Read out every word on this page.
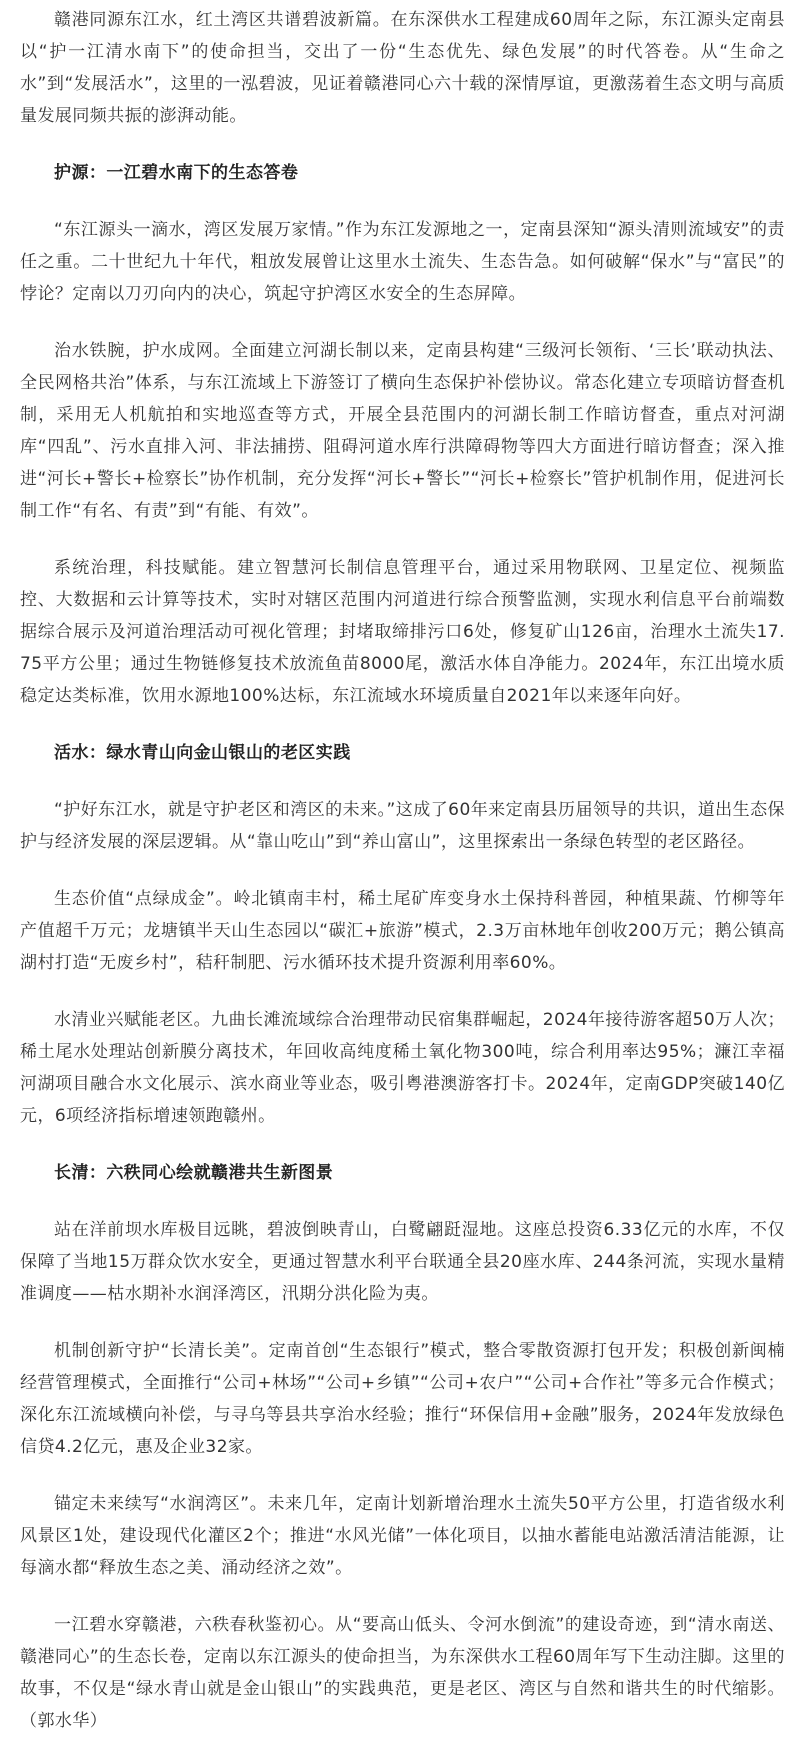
赣港同源东江水，红土湾区共谱碧波新篇。在东深供水工程建成60周年之际，东江源头定南县以“护一江清水南下”的使命担当，交出了一份“生态优先、绿色发展”的时代答卷。从“生命之水”到“发展活水”，这里的一泓碧波，见证着赣港同心六十载的深情厚谊，更激荡着生态文明与高质量发展同频共振的澎湃动能。

护源：一江碧水南下的生态答卷

“东江源头一滴水，湾区发展万家情。”作为东江发源地之一，定南县深知“源头清则流域安”的责任之重。二十世纪九十年代，粗放发展曾让这里水土流失、生态告急。如何破解“保水”与“富民”的悖论？定南以刀刃向内的决心，筑起守护湾区水安全的生态屏障。

治水铁腕，护水成网。全面建立河湖长制以来，定南县构建“三级河长领衔、‘三长’联动执法、全民网格共治”体系，与东江流域上下游签订了横向生态保护补偿协议。常态化建立专项暗访督查机制，采用无人机航拍和实地巡查等方式，开展全县范围内的河湖长制工作暗访督查，重点对河湖库“四乱”、污水直排入河、非法捕捞、阻碍河道水库行洪障碍物等四大方面进行暗访督查；深入推进“河长+警长+检察长”协作机制，充分发挥“河长+警长”“河长+检察长”管护机制作用，促进河长制工作“有名、有责”到“有能、有效”。

系统治理，科技赋能。建立智慧河长制信息管理平台，通过采用物联网、卫星定位、视频监控、大数据和云计算等技术，实时对辖区范围内河道进行综合预警监测，实现水利信息平台前端数据综合展示及河道治理活动可视化管理；封堵取缔排污口6处，修复矿山126亩，治理水土流失17.75平方公里；通过生物链修复技术放流鱼苗8000尾，激活水体自净能力。2024年，东江出境水质稳定达类标准，饮用水源地100%达标，东江流域水环境质量自2021年以来逐年向好。

活水：绿水青山向金山银山的老区实践

“护好东江水，就是守护老区和湾区的未来。”这成了60年来定南县历届领导的共识，道出生态保护与经济发展的深层逻辑。从“靠山吃山”到“养山富山”，这里探索出一条绿色转型的老区路径。

生态价值“点绿成金”。岭北镇南丰村，稀土尾矿库变身水土保持科普园，种植果蔬、竹柳等年产值超千万元；龙塘镇半天山生态园以“碳汇+旅游”模式，2.3万亩林地年创收200万元；鹅公镇高湖村打造“无废乡村”，秸秆制肥、污水循环技术提升资源利用率60%。

水清业兴赋能老区。九曲长滩流域综合治理带动民宿集群崛起，2024年接待游客超50万人次；稀土尾水处理站创新膜分离技术，年回收高纯度稀土氧化物300吨，综合利用率达95%；濂江幸福河湖项目融合水文化展示、滨水商业等业态，吸引粤港澳游客打卡。2024年，定南GDP突破140亿元，6项经济指标增速领跑赣州。

长清：六秩同心绘就赣港共生新图景

站在洋前坝水库极目远眺，碧波倒映青山，白鹭翩跹湿地。这座总投资6.33亿元的水库，不仅保障了当地15万群众饮水安全，更通过智慧水利平台联通全县20座水库、244条河流，实现水量精准调度——枯水期补水润泽湾区，汛期分洪化险为夷。

机制创新守护“长清长美”。定南首创“生态银行”模式，整合零散资源打包开发；积极创新闽楠经营管理模式，全面推行“公司+林场”“公司+乡镇”“公司+农户”“公司+合作社”等多元合作模式；深化东江流域横向补偿，与寻乌等县共享治水经验；推行“环保信用+金融”服务，2024年发放绿色信贷4.2亿元，惠及企业32家。

锚定未来续写“水润湾区”。未来几年，定南计划新增治理水土流失50平方公里，打造省级水利风景区1处，建设现代化灌区2个；推进“水风光储”一体化项目，以抽水蓄能电站激活清洁能源，让每滴水都“释放生态之美、涌动经济之效”。

一江碧水穿赣港，六秩春秋鉴初心。从“要高山低头、令河水倒流”的建设奇迹，到“清水南送、赣港同心”的生态长卷，定南以东江源头的使命担当，为东深供水工程60周年写下生动注脚。这里的故事，不仅是“绿水青山就是金山银山”的实践典范，更是老区、湾区与自然和谐共生的时代缩影。（郭水华）
